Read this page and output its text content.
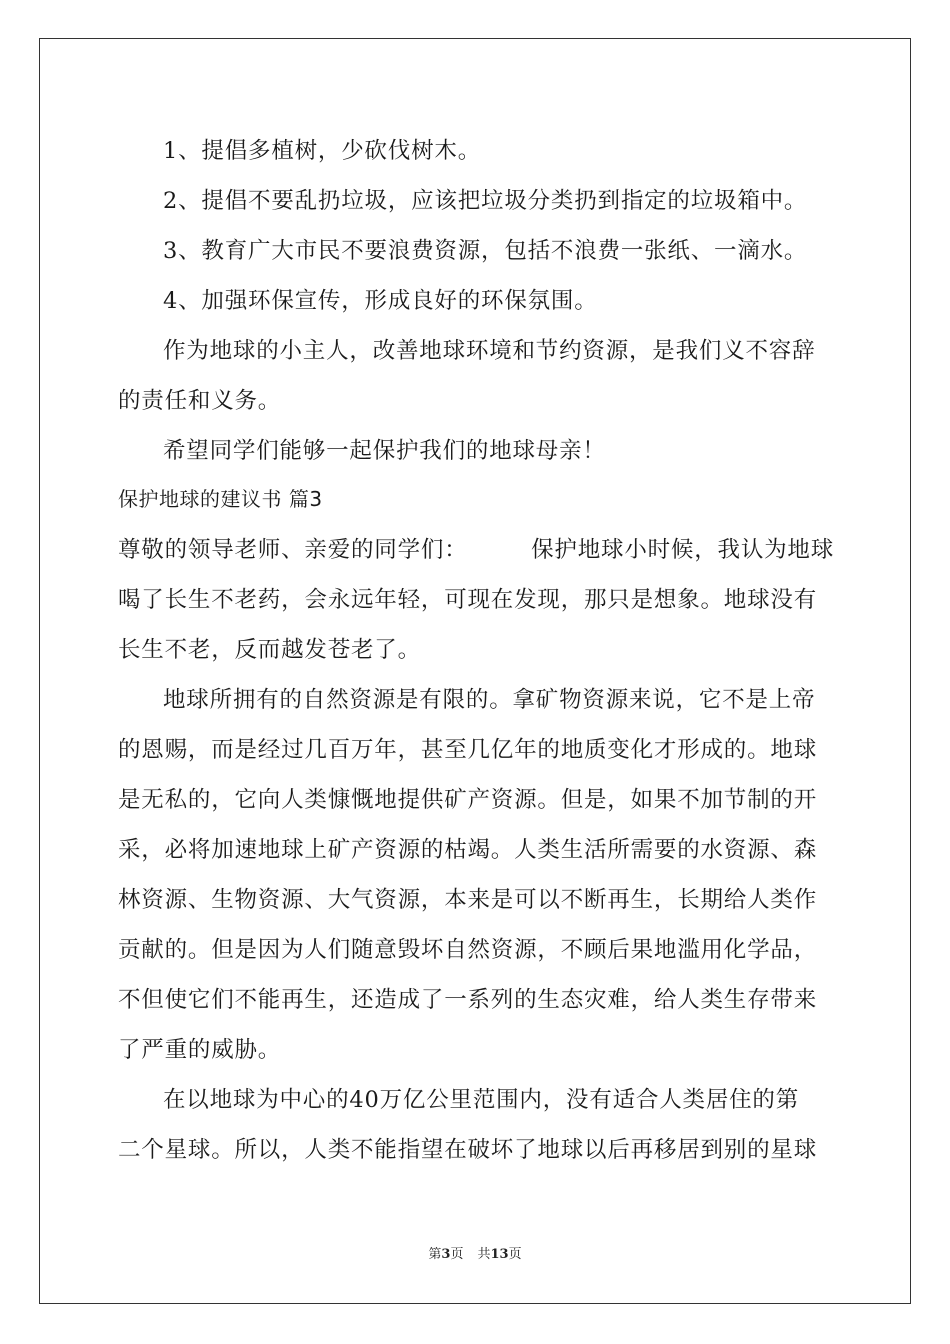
1、提倡多植树，少砍伐树木。
2、提倡不要乱扔垃圾，应该把垃圾分类扔到指定的垃圾箱中。
3、教育广大市民不要浪费资源，包括不浪费一张纸、一滴水。
4、加强环保宣传，形成良好的环保氛围。
作为地球的小主人，改善地球环境和节约资源，是我们义不容辞
的责任和义务。
希望同学们能够一起保护我们的地球母亲！
保护地球的建议书 篇3
尊敬的领导老师、亲爱的同学们：        保护地球小时候，我认为地球
喝了长生不老药，会永远年轻，可现在发现，那只是想象。地球没有
长生不老，反而越发苍老了。
地球所拥有的自然资源是有限的。拿矿物资源来说，它不是上帝
的恩赐，而是经过几百万年，甚至几亿年的地质变化才形成的。地球
是无私的，它向人类慷慨地提供矿产资源。但是，如果不加节制的开
采，必将加速地球上矿产资源的枯竭。人类生活所需要的水资源、森
林资源、生物资源、大气资源，本来是可以不断再生，长期给人类作
贡献的。但是因为人们随意毁坏自然资源，不顾后果地滥用化学品，
不但使它们不能再生，还造成了一系列的生态灾难，给人类生存带来
了严重的威胁。
在以地球为中心的40万亿公里范围内，没有适合人类居住的第
二个星球。所以，人类不能指望在破坏了地球以后再移居到别的星球
第3页 共13页
